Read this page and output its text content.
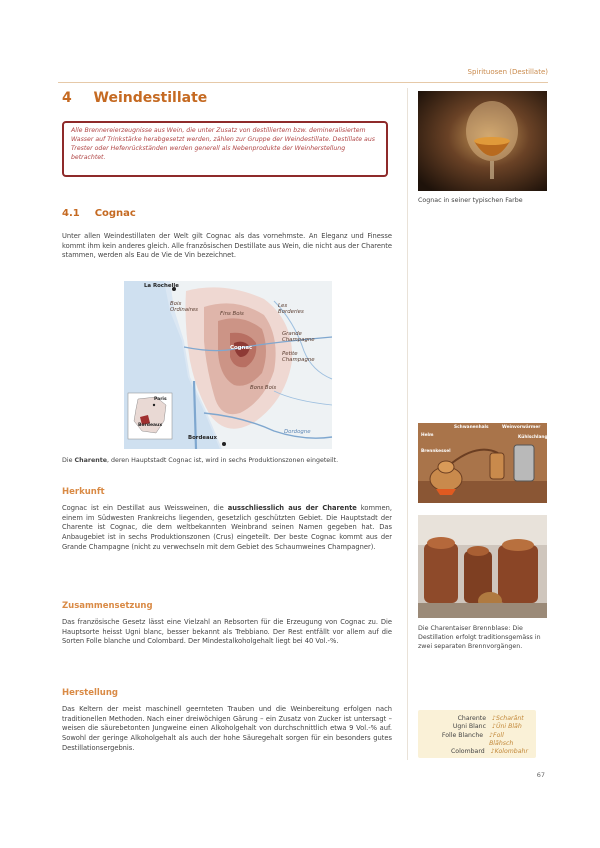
Spirituosen (Destillate)
4 Weindestillate
Alle Brennereierzeugnisse aus Wein, die unter Zusatz von destilliertem bzw. demineralisiertem Wasser auf Trinkstärke herabgesetzt werden, zählen zur Gruppe der Weindestillate. Destillate aus Trester oder Hefenrückständen werden generell als Nebenprodukte der Weinherstellung betrachtet.
4.1 Cognac
Unter allen Weindestillaten der Welt gilt Cognac als das vornehmste. An Eleganz und Finesse kommt ihm kein anderes gleich. Alle französischen Destillate aus Wein, die nicht aus der Charente stammen, werden als Eau de Vie de Vin bezeichnet.
La Rochelle
Bois Ordinaires
Fins Bois
Les Borderies
Grande Champagne
Petite Champagne
Cognac
Bons Bois
Bordeaux
Dordogne
Paris
Bordeaux
Die Charente, deren Hauptstadt Cognac ist, wird in sechs Produktionszonen eingeteilt.
Herkunft
Cognac ist ein Destillat aus Weissweinen, die ausschliesslich aus der Charente kommen, einem im Südwesten Frankreichs liegenden, gesetzlich geschützten Gebiet. Die Hauptstadt der Charente ist Cognac, die dem weltbekannten Weinbrand seinen Namen gegeben hat. Das Anbaugebiet ist in sechs Produktionszonen (Crus) eingeteilt. Der beste Cognac kommt aus der Grande Champagne (nicht zu verwechseln mit dem Gebiet des Schaumweines Champagner).
Zusammensetzung
Das französische Gesetz lässt eine Vielzahl an Rebsorten für die Erzeugung von Cognac zu. Die Hauptsorte heisst Ugni blanc, besser bekannt als Trebbiano. Der Rest entfällt vor allem auf die Sorten Folle blanche und Colombard. Der Mindestalkoholgehalt liegt bei 40 Vol.-%.
Herstellung
Das Keltern der meist maschinell geernteten Trauben und die Weinbereitung erfolgen nach traditionellen Methoden. Nach einer dreiwöchigen Gärung – ein Zusatz von Zucker ist untersagt – weisen die säurebetonten Jungweine einen Alkoholgehalt von durchschnittlich etwa 9 Vol.-% auf. Sowohl der geringe Alkoholgehalt als auch der hohe Säuregehalt sorgen für ein besonders gutes Destillationsergebnis.
Cognac in seiner typischen Farbe
Schwanenhals	Weinvorwärmer
Kühlschlange
Helm
Brennkessel
Die Charentaiser Brennblase: Die Destillation erfolgt traditionsgemäss in zwei separaten Brennvorgängen.
Charente ♪Scharãnt
Ugni Blanc ♪Üni Blãh
Folle Blanche ♪Foll Blãhsch
Colombard ♪Kolombahr
67
